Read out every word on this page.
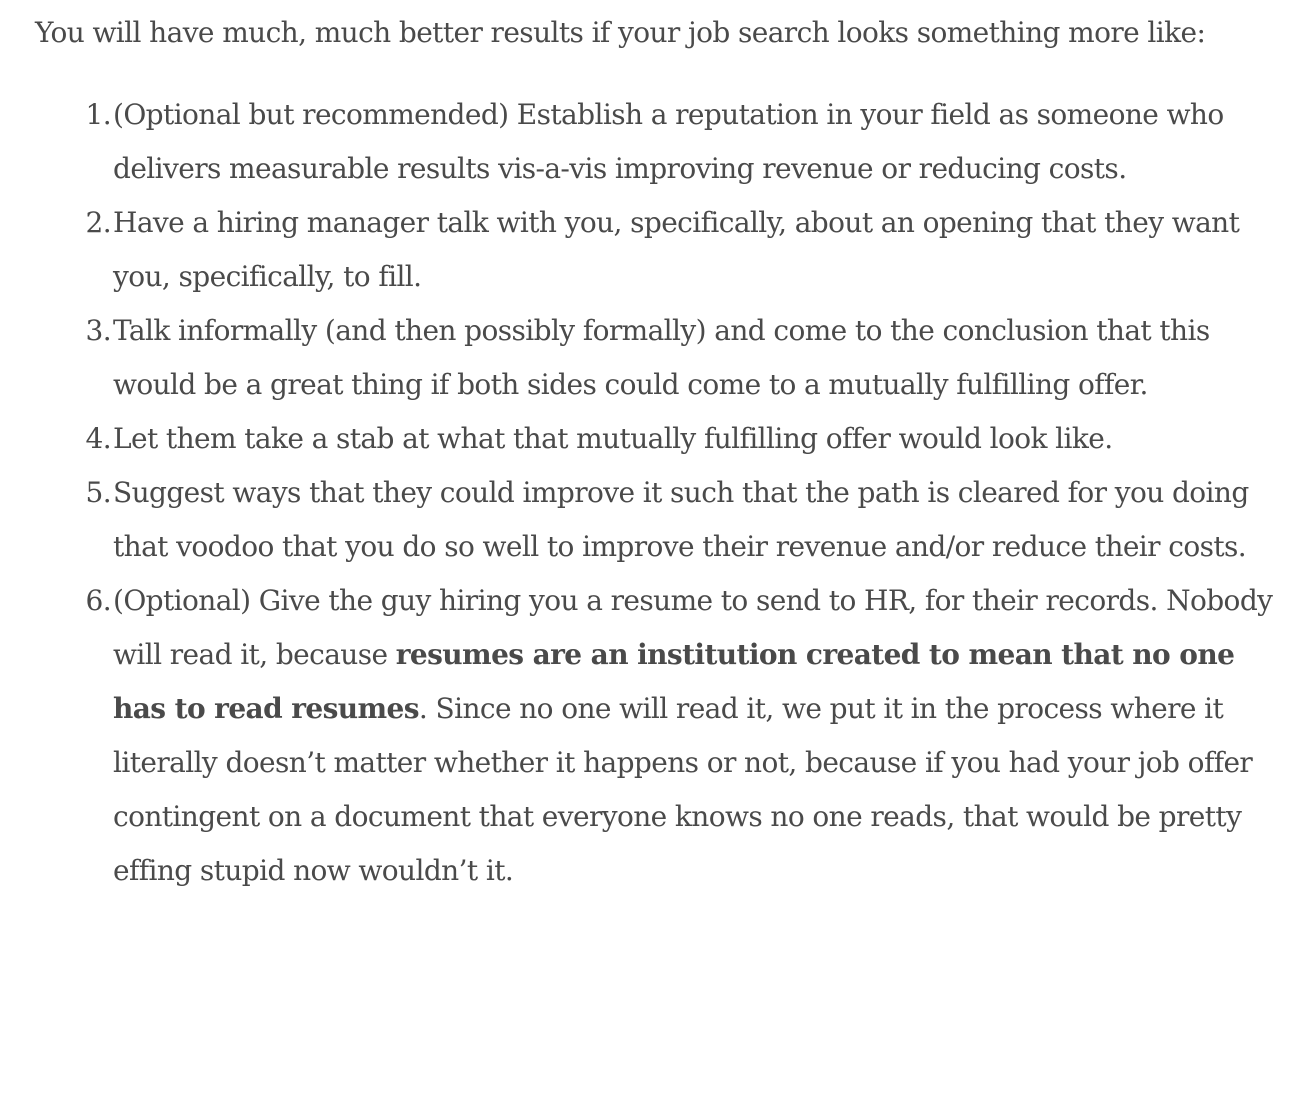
You will have much, much better results if your job search looks something more like:

1. (Optional but recommended) Establish a reputation in your field as someone who delivers measurable results vis-a-vis improving revenue or reducing costs.
2. Have a hiring manager talk with you, specifically, about an opening that they want you, specifically, to fill.
3. Talk informally (and then possibly formally) and come to the conclusion that this would be a great thing if both sides could come to a mutually fulfilling offer.
4. Let them take a stab at what that mutually fulfilling offer would look like.
5. Suggest ways that they could improve it such that the path is cleared for you doing that voodoo that you do so well to improve their revenue and/or reduce their costs.
6. (Optional) Give the guy hiring you a resume to send to HR, for their records. Nobody will read it, because resumes are an institution created to mean that no one has to read resumes. Since no one will read it, we put it in the process where it literally doesn’t matter whether it happens or not, because if you had your job offer contingent on a document that everyone knows no one reads, that would be pretty effing stupid now wouldn’t it.
